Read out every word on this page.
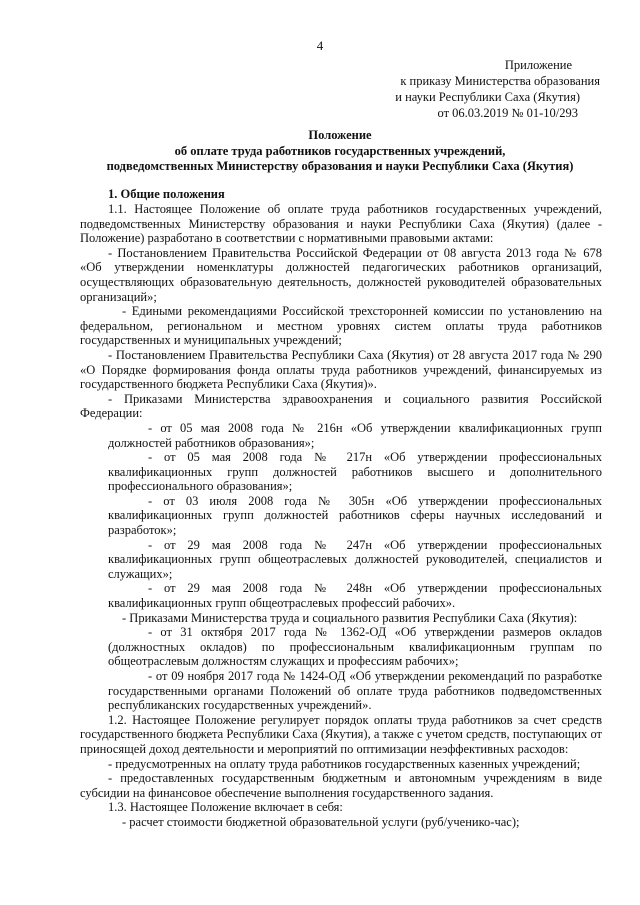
4
Приложение
к приказу Министерства образования
и науки Республики Саха (Якутия)
от 06.03.2019 № 01-10/293
Положение
об оплате труда работников государственных учреждений,
подведомственных Министерству образования и науки Республики Саха (Якутия)
1. Общие положения

1.1. Настоящее Положение об оплате труда работников государственных учреждений, подведомственных Министерству образования и науки Республики Саха (Якутия) (далее - Положение) разработано в соответствии с нормативными правовыми актами:

- Постановлением Правительства Российской Федерации от 08 августа 2013 года № 678 «Об утверждении номенклатуры должностей педагогических работников организаций, осуществляющих образовательную деятельность, должностей руководителей образовательных организаций»;

- Едиными рекомендациями Российской трехсторонней комиссии по установлению на федеральном, региональном и местном уровнях систем оплаты труда работников государственных и муниципальных учреждений;

- Постановлением Правительства Республики Саха (Якутия) от 28 августа 2017 года № 290 «О Порядке формирования фонда оплаты труда работников учреждений, финансируемых из государственного бюджета Республики Саха (Якутия)».

- Приказами Министерства здравоохранения и социального развития Российской Федерации:

- от 05 мая 2008 года № 216н «Об утверждении квалификационных групп должностей работников образования»;

- от 05 мая 2008 года № 217н «Об утверждении профессиональных квалификационных групп должностей работников высшего и дополнительного профессионального образования»;

- от 03 июля 2008 года № 305н «Об утверждении профессиональных квалификационных групп должностей работников сферы научных исследований и разработок»;

- от 29 мая 2008 года № 247н «Об утверждении профессиональных квалификационных групп общеотраслевых должностей руководителей, специалистов и служащих»;

- от 29 мая 2008 года № 248н «Об утверждении профессиональных квалификационных групп общеотраслевых профессий рабочих».

- Приказами Министерства труда и социального развития Республики Саха (Якутия):

- от 31 октября 2017 года № 1362-ОД «Об утверждении размеров окладов (должностных окладов) по профессиональным квалификационным группам по общеотраслевым должностям служащих и профессиям рабочих»;

- от 09 ноября 2017 года № 1424-ОД «Об утверждении рекомендаций по разработке государственными органами Положений об оплате труда работников подведомственных республиканских государственных учреждений».

1.2. Настоящее Положение регулирует порядок оплаты труда работников за счет средств государственного бюджета Республики Саха (Якутия), а также с учетом средств, поступающих от приносящей доход деятельности и мероприятий по оптимизации неэффективных расходов:

- предусмотренных на оплату труда работников государственных казенных учреждений;

- предоставленных государственным бюджетным и автономным учреждениям в виде субсидии на финансовое обеспечение выполнения государственного задания.

1.3. Настоящее Положение включает в себя:

- расчет стоимости бюджетной образовательной услуги (руб/ученико-час);
